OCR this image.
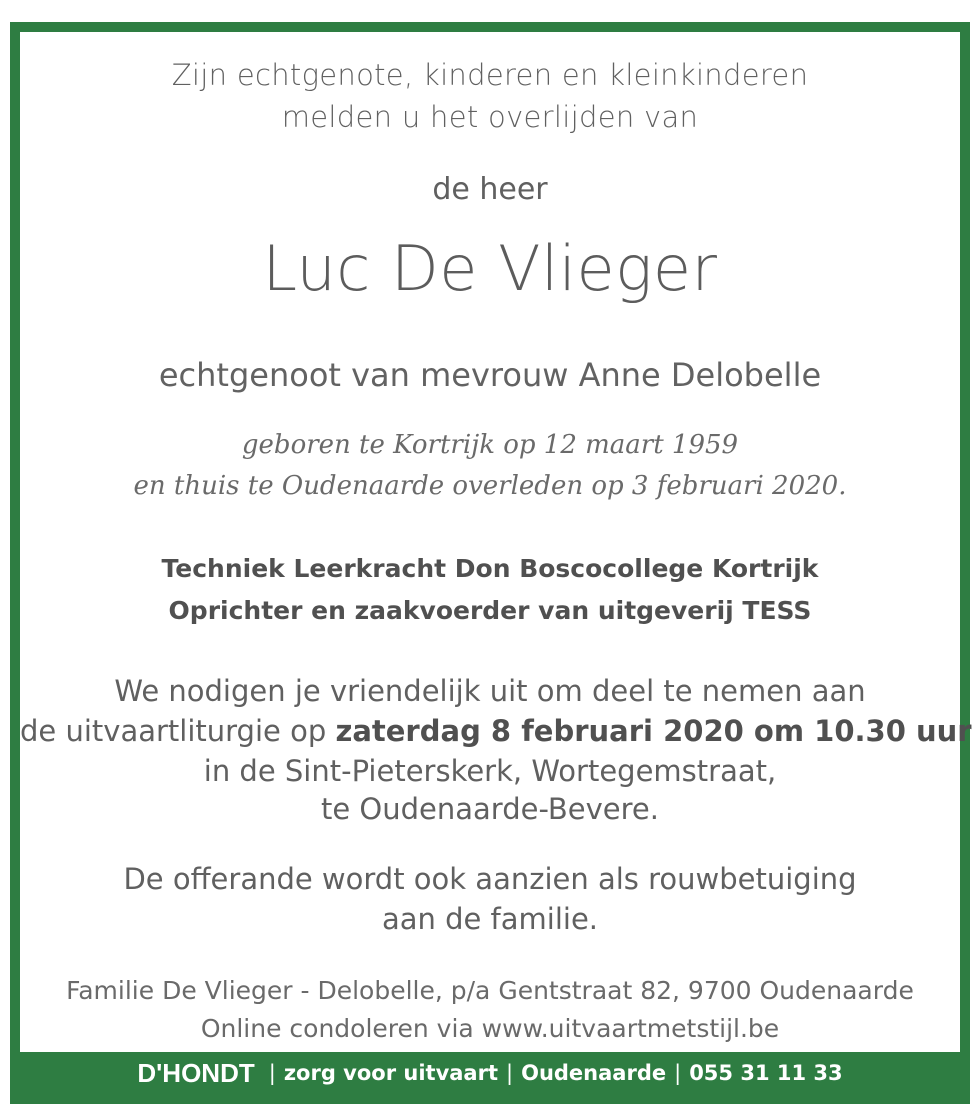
Zijn echtgenote, kinderen en kleinkinderen
melden u het overlijden van
de heer
Luc De Vlieger
echtgenoot van mevrouw Anne Delobelle
geboren te Kortrijk op 12 maart 1959
en thuis te Oudenaarde overleden op 3 februari 2020.
Techniek Leerkracht Don Boscocollege Kortrijk
Oprichter en zaakvoerder van uitgeverij TESS
We nodigen je vriendelijk uit om deel te nemen aan
de uitvaartliturgie op zaterdag 8 februari 2020 om 10.30 uur
in de Sint-Pieterskerk, Wortegemstraat,
te Oudenaarde-Bevere.
De offerande wordt ook aanzien als rouwbetuiging
aan de familie.
Familie De Vlieger - Delobelle, p/a Gentstraat 82, 9700 Oudenaarde
Online condoleren via www.uitvaartmetstijl.be
D'HONDT | zorg voor uitvaart | Oudenaarde | 055 31 11 33
